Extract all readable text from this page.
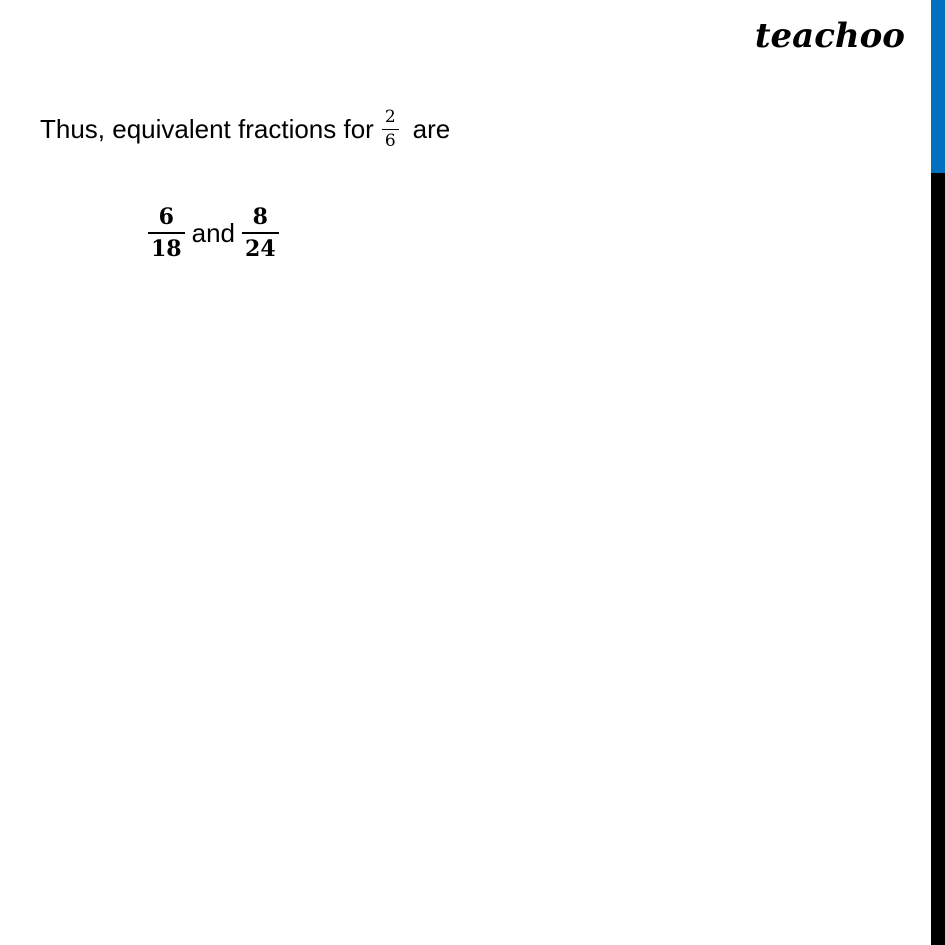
teachoo
Thus, equivalent fractions for $\frac{2}{6}$ are
$\frac{6}{18}$ and $\frac{8}{24}$
